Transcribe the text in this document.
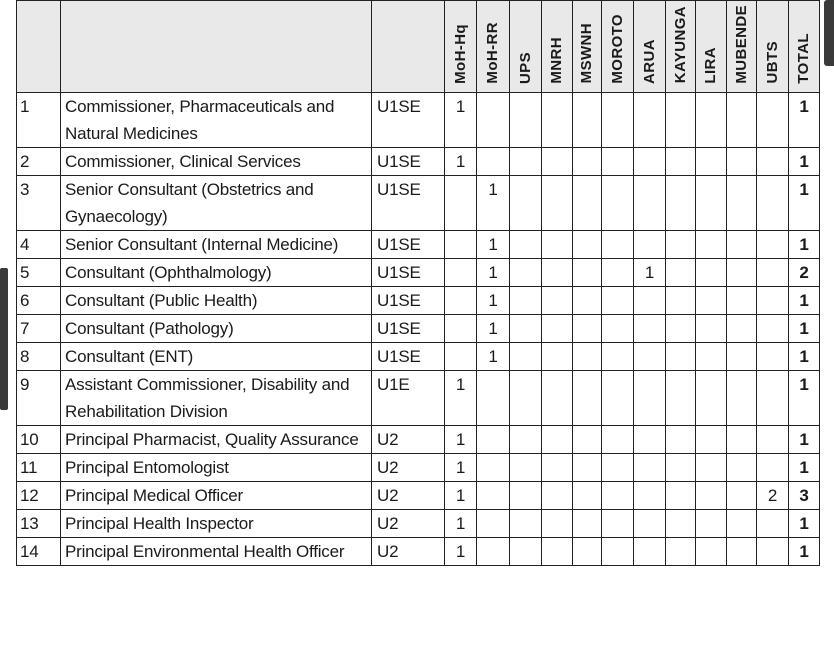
			MoH-Hq	MoH-RR	UPS	MNRH	MSWNH	MOROTO	ARUA	KAYUNGA	LIRA	MUBENDE	UBTS	TOTAL
1	Commissioner, Pharmaceuticals and Natural Medicines	U1SE	1											1
2	Commissioner, Clinical Services	U1SE	1											1
3	Senior Consultant (Obstetrics and Gynaecology)	U1SE		1										1
4	Senior Consultant (Internal Medicine)	U1SE		1										1
5	Consultant (Ophthalmology)	U1SE		1					1					2
6	Consultant (Public Health)	U1SE		1										1
7	Consultant (Pathology)	U1SE		1										1
8	Consultant (ENT)	U1SE		1										1
9	Assistant Commissioner, Disability and Rehabilitation Division	U1E	1											1
10	Principal Pharmacist, Quality Assurance	U2	1											1
11	Principal Entomologist	U2	1											1
12	Principal Medical Officer	U2	1										2	3
13	Principal Health Inspector	U2	1											1
14	Principal Environmental Health Officer	U2	1											1
